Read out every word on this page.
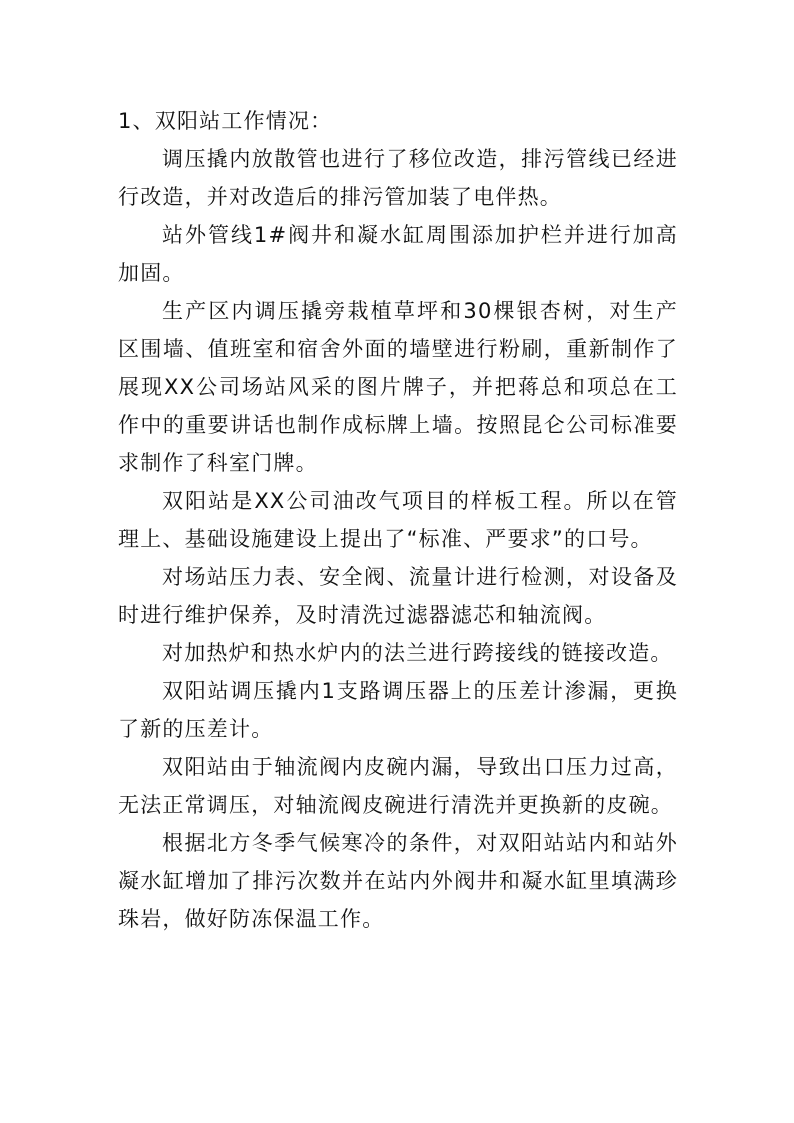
1、双阳站工作情况：

调压撬内放散管也进行了移位改造，排污管线已经进行改造，并对改造后的排污管加装了电伴热。

站外管线1#阀井和凝水缸周围添加护栏并进行加高加固。

生产区内调压撬旁栽植草坪和30棵银杏树，对生产区围墙、值班室和宿舍外面的墙壁进行粉刷，重新制作了展现XX公司场站风采的图片牌子，并把蒋总和项总在工作中的重要讲话也制作成标牌上墙。按照昆仑公司标准要求制作了科室门牌。

双阳站是XX公司油改气项目的样板工程。所以在管理上、基础设施建设上提出了“标准、严要求”的口号。

对场站压力表、安全阀、流量计进行检测，对设备及时进行维护保养，及时清洗过滤器滤芯和轴流阀。

对加热炉和热水炉内的法兰进行跨接线的链接改造。

双阳站调压撬内1支路调压器上的压差计渗漏，更换了新的压差计。

双阳站由于轴流阀内皮碗内漏，导致出口压力过高，无法正常调压，对轴流阀皮碗进行清洗并更换新的皮碗。

根据北方冬季气候寒冷的条件，对双阳站站内和站外凝水缸增加了排污次数并在站内外阀井和凝水缸里填满珍珠岩，做好防冻保温工作。
